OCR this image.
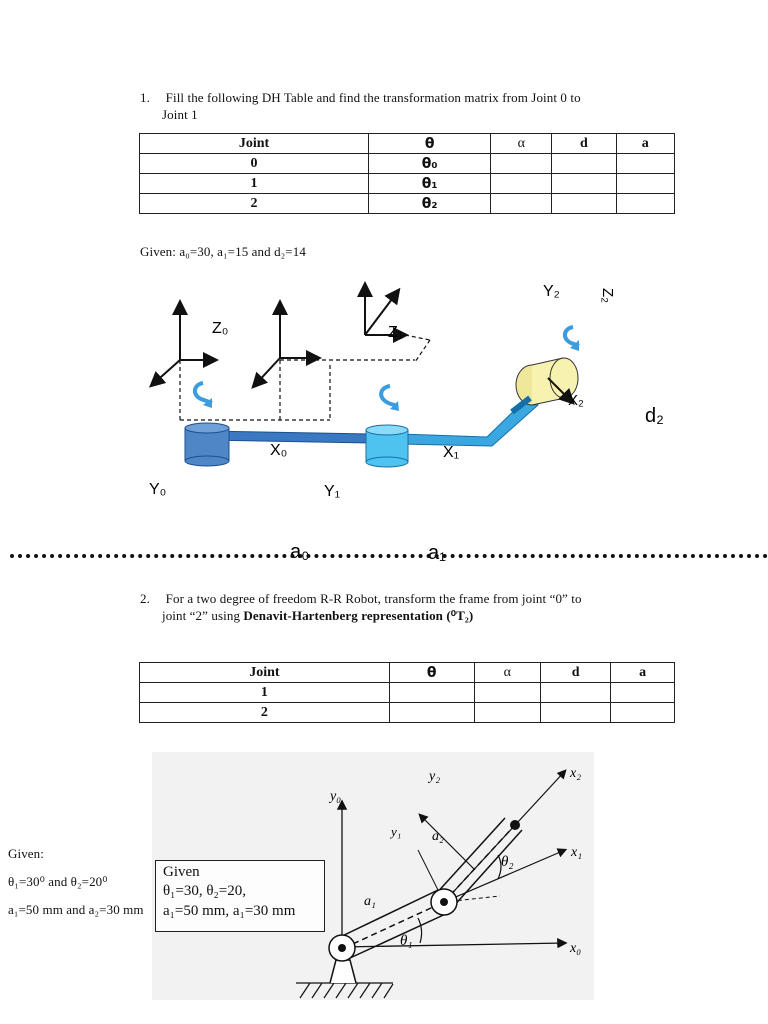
1. Fill the following DH Table and find the transformation matrix from Joint 0 to
Joint 1
Joint	θ	α	d	a
0	θ₀			
1	θ₁			
2	θ₂			
Given: a₀=30, a₁=15 and d₂=14
Z₀	Z₁
X₀	X₁
X₂
Y₀	Y₁
Y₂	Z₂
d₂
a₀	a₁
2. For a two degree of freedom R-R Robot, transform the frame from joint “0” to
joint “2” using Denavit-Hartenberg representation (⁰T₂)
Joint	θ	α	d	a
1				
2				
y₀
y₁
y₂
x₀
x₁
x₂
a₁
a₂
θ₁
θ₂
Given
θ₁=30, θ₂=20,
a₁=50 mm, a₁=30 mm
Given:
θ₁=30⁰ and θ₂=20⁰
a₁=50 mm and a₂=30 mm
